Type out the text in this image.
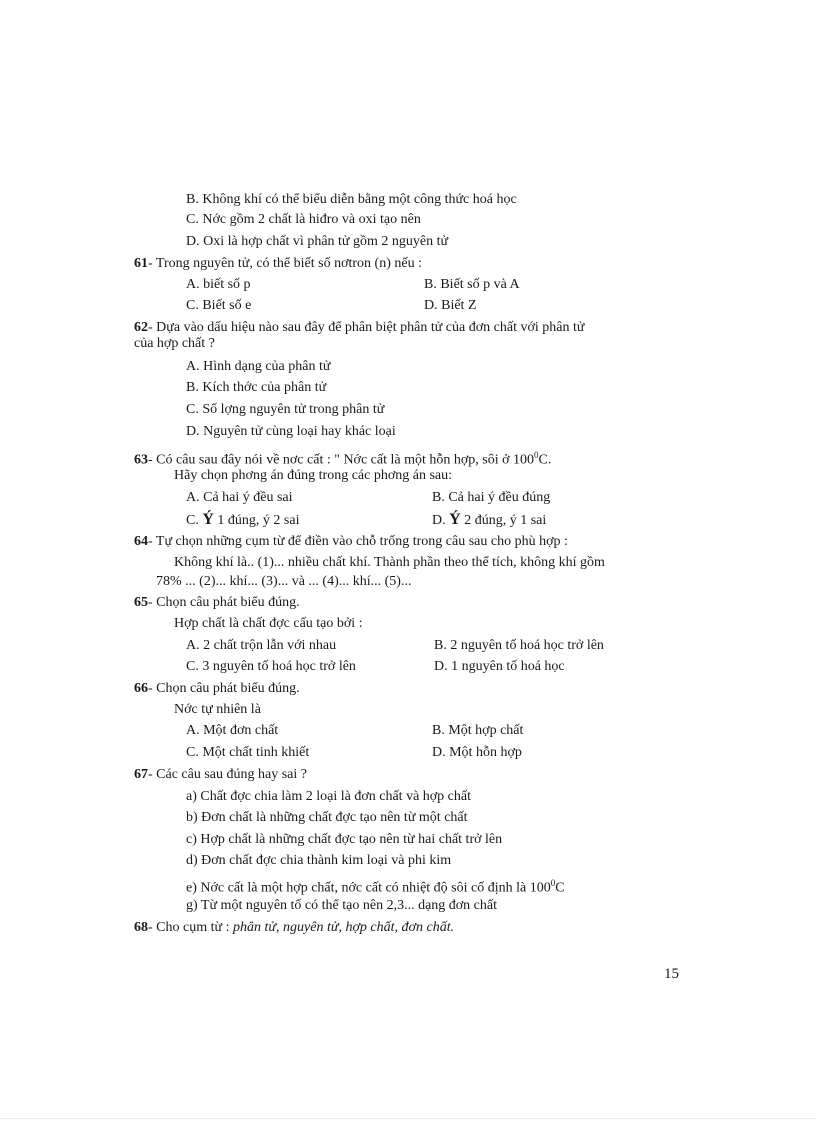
B. Không khí có thể biểu diễn bằng một công thức hoá học
C. Nớc gồm 2 chất là hiđro và oxi tạo nên
D. Oxi là hợp chất vì phân tử gồm 2 nguyên tử
61- Trong nguyên tử, có thể biết số nơtron (n) nếu :
A. biết số p	B. Biết số p và A
C. Biết số e	D. Biết Z
62- Dựa vào dấu hiệu nào sau đây để phân biệt phân tử của đơn chất với phân tử
của hợp chất ?
A. Hình dạng của phân tử
B. Kích thớc của phân tử
C. Số lợng nguyên tử trong phân tử
D. Nguyên tử cùng loại hay khác loại
63- Có câu sau đây nói về nơc cất : " Nớc cất là một hỗn hợp, sôi ở $100^0C$.
Hãy chọn phơng án đúng trong các phơng án sau:
A. Cả hai ý đều sai	B. Cả hai ý đều đúng
C. Ý 1 đúng, ý 2 sai	D. Ý 2 đúng, ý 1 sai
64- Tự chọn những cụm từ để điền vào chỗ trống trong câu sau cho phù hợp :
Không khí là.. (1)... nhiều chất khí. Thành phần theo thể tích, không khí gồm
78% ... (2)... khí... (3)... và ... (4)... khí... (5)...
65- Chọn câu phát biểu đúng.
Hợp chất là chất đợc cấu tạo bởi :
A. 2 chất trộn lẫn với nhau	B. 2 nguyên tố hoá học trở lên
C. 3 nguyên tố hoá học trở lên	D. 1 nguyên tố hoá học
66- Chọn câu phát biểu đúng.
Nớc tự nhiên là
A. Một đơn chất	B. Một hợp chất
C. Một chất tinh khiết	D. Một hỗn hợp
67- Các câu sau đúng hay sai ?
a) Chất đợc chia làm 2 loại là đơn chất và hợp chất
b) Đơn chất là những chất đợc tạo nên từ một chất
c) Hợp chất là những chất đợc tạo nên từ hai chất trở lên
d) Đơn chất đợc chia thành kim loại và phi kim
e) Nớc cất là một hợp chất, nớc cất có nhiệt độ sôi cố định là $100^0C$
g) Từ một nguyên tố có thể tạo nên 2,3... dạng đơn chất
68- Cho cụm từ : phân tử, nguyên tử, hợp chất, đơn chất.
15
